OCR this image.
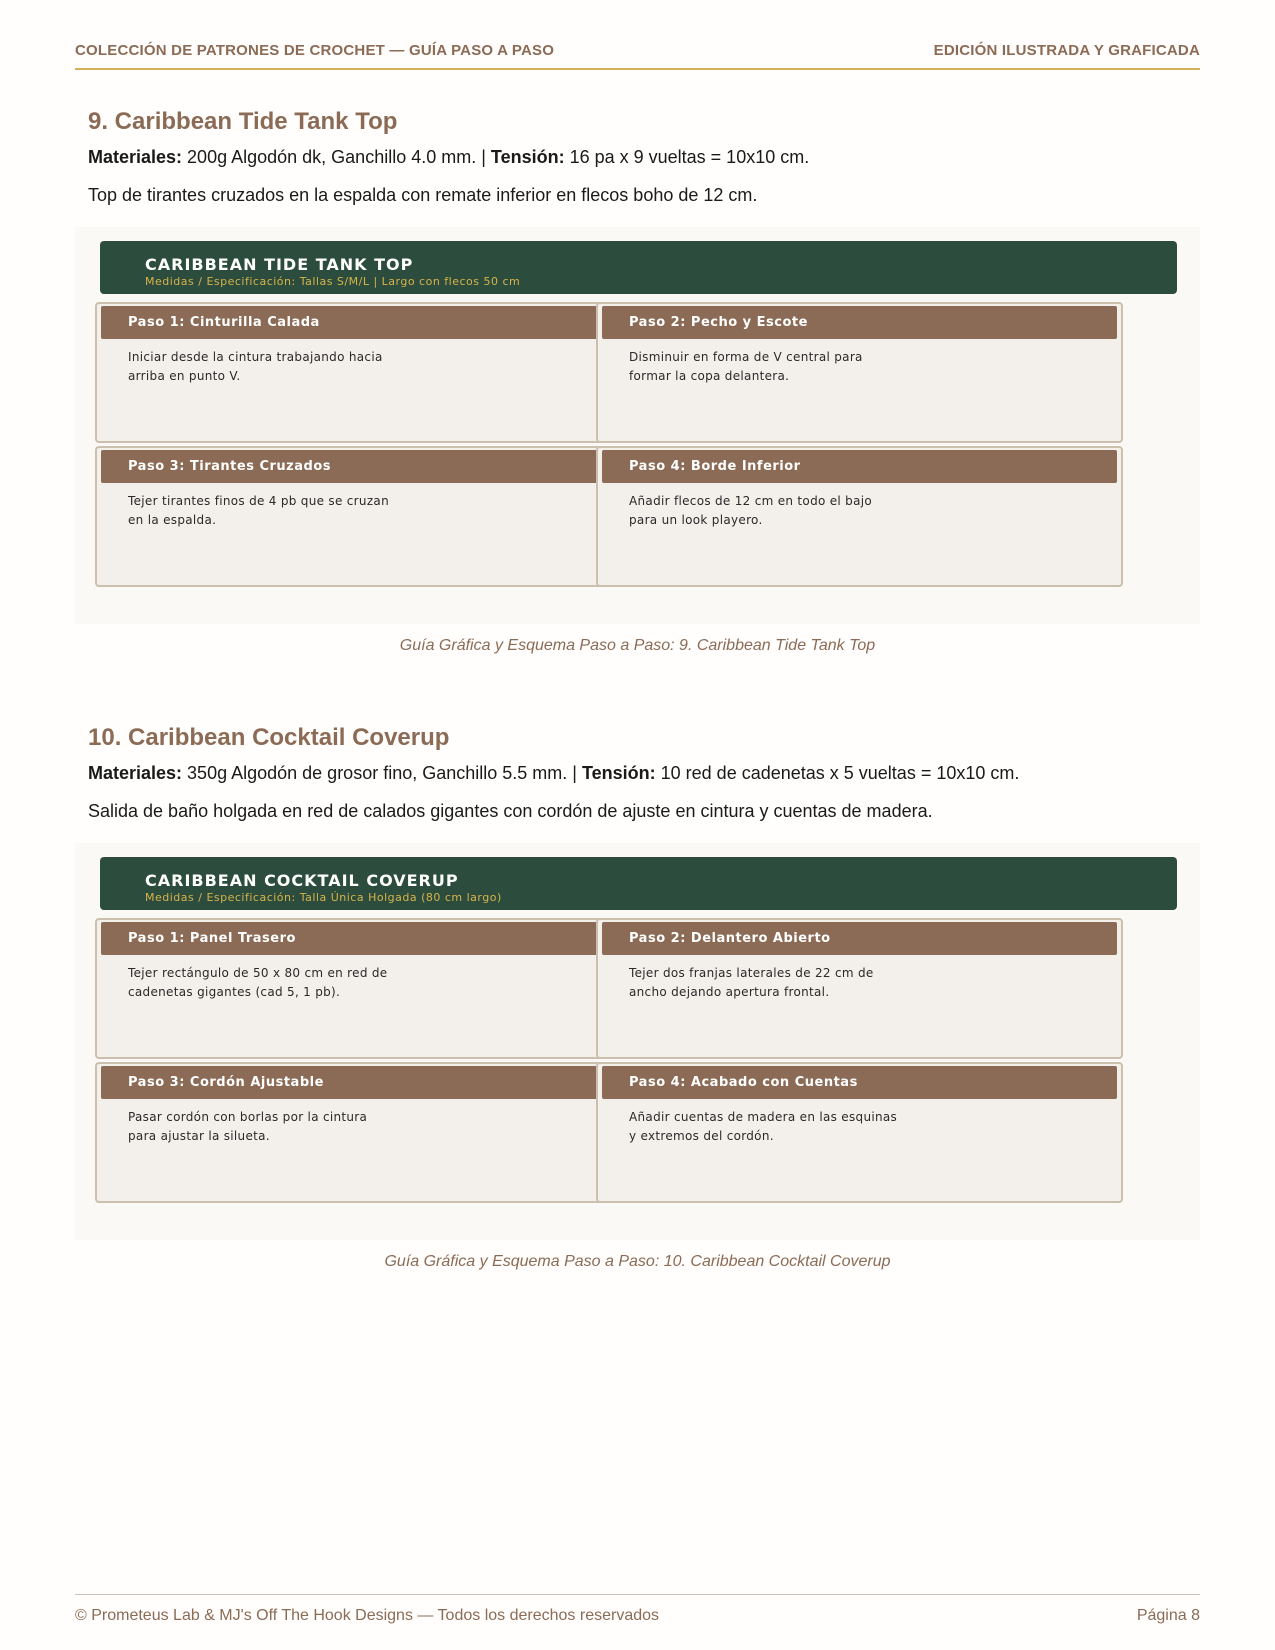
COLECCIÓN DE PATRONES DE CROCHET — GUÍA PASO A PASO	EDICIÓN ILUSTRADA Y GRAFICADA
9. Caribbean Tide Tank Top

Materiales: 200g Algodón dk, Ganchillo 4.0 mm. | Tensión: 16 pa x 9 vueltas = 10x10 cm.

Top de tirantes cruzados en la espalda con remate inferior en flecos boho de 12 cm.

CARIBBEAN TIDE TANK TOP
Medidas / Especificación: Tallas S/M/L | Largo con flecos 50 cm
Paso 1: Cinturilla Calada
Iniciar desde la cintura trabajando hacia arriba en punto V.
Paso 2: Pecho y Escote
Disminuir en forma de V central para formar la copa delantera.
Paso 3: Tirantes Cruzados
Tejer tirantes finos de 4 pb que se cruzan en la espalda.
Paso 4: Borde Inferior
Añadir flecos de 12 cm en todo el bajo para un look playero.
Guía Gráfica y Esquema Paso a Paso: 9. Caribbean Tide Tank Top
10. Caribbean Cocktail Coverup

Materiales: 350g Algodón de grosor fino, Ganchillo 5.5 mm. | Tensión: 10 red de cadenetas x 5 vueltas = 10x10 cm.

Salida de baño holgada en red de calados gigantes con cordón de ajuste en cintura y cuentas de madera.

CARIBBEAN COCKTAIL COVERUP
Medidas / Especificación: Talla Única Holgada (80 cm largo)
Paso 1: Panel Trasero
Tejer rectángulo de 50 x 80 cm en red de cadenetas gigantes (cad 5, 1 pb).
Paso 2: Delantero Abierto
Tejer dos franjas laterales de 22 cm de ancho dejando apertura frontal.
Paso 3: Cordón Ajustable
Pasar cordón con borlas por la cintura para ajustar la silueta.
Paso 4: Acabado con Cuentas
Añadir cuentas de madera en las esquinas y extremos del cordón.
Guía Gráfica y Esquema Paso a Paso: 10. Caribbean Cocktail Coverup
© Prometeus Lab & MJ's Off The Hook Designs — Todos los derechos reservados	Página 8
